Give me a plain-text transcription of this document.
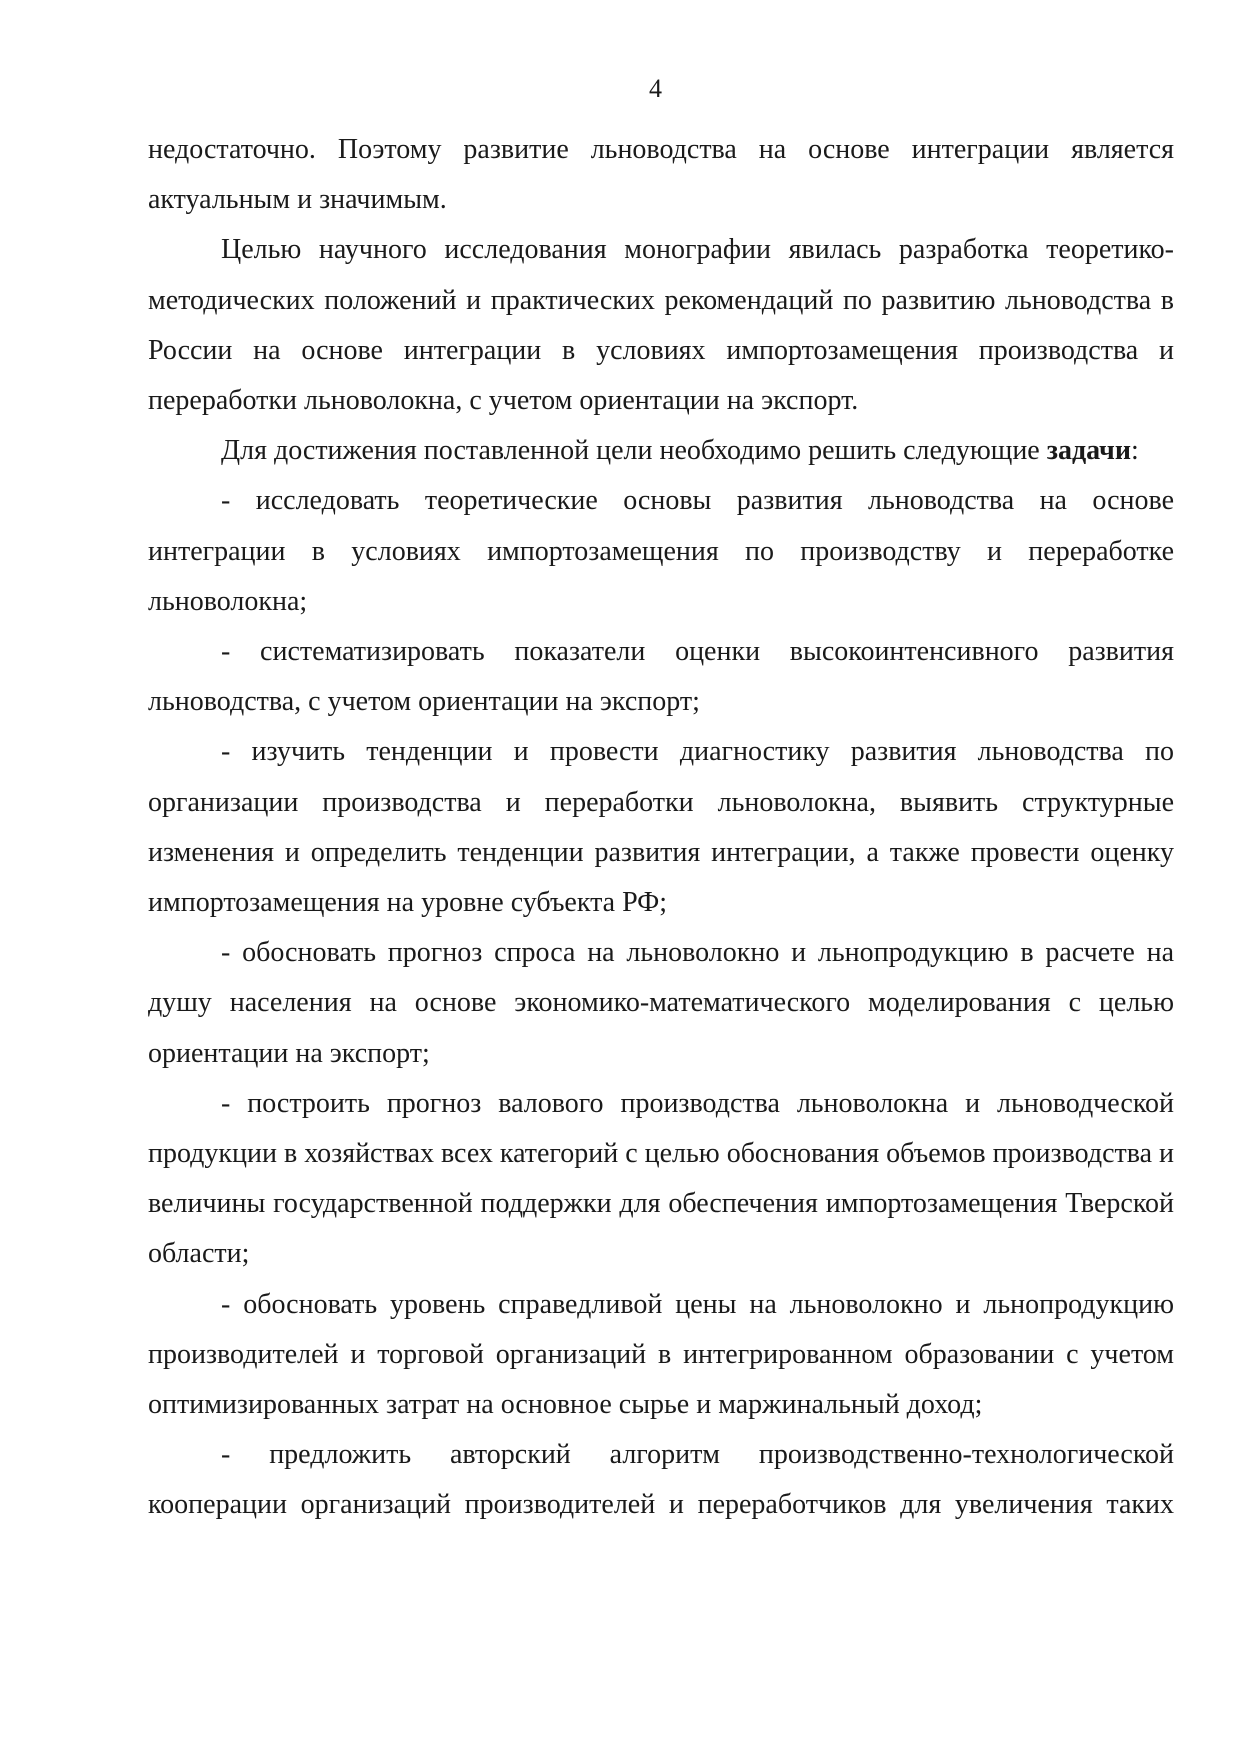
4

недостаточно. Поэтому развитие льноводства на основе интеграции является актуальным и значимым.

Целью научного исследования монографии явилась разработка теоретико-методических положений и практических рекомендаций по развитию льноводства в России на основе интеграции в условиях импортозамещения производства и переработки льноволокна, с учетом ориентации на экспорт.

Для достижения поставленной цели необходимо решить следующие задачи:

- исследовать теоретические основы развития льноводства на основе интеграции в условиях импортозамещения по производству и переработке льноволокна;

- систематизировать показатели оценки высокоинтенсивного развития льноводства, с учетом ориентации на экспорт;

- изучить тенденции и провести диагностику развития льноводства по организации производства и переработки льноволокна, выявить структурные изменения и определить тенденции развития интеграции, а также провести оценку импортозамещения на уровне субъекта РФ;

- обосновать прогноз спроса на льноволокно и льнопродукцию в расчете на душу населения на основе экономико-математического моделирования с целью ориентации на экспорт;

- построить прогноз валового производства льноволокна и льноводческой продукции в хозяйствах всех категорий с целью обоснования объемов производства и величины государственной поддержки для обеспечения импортозамещения Тверской области;

- обосновать уровень справедливой цены на льноволокно и льнопродукцию производителей и торговой организаций в интегрированном образовании с учетом оптимизированных затрат на основное сырье и маржинальный доход;

- предложить авторский алгоритм производственно-технологической кооперации организаций производителей и переработчиков для увеличения таких
